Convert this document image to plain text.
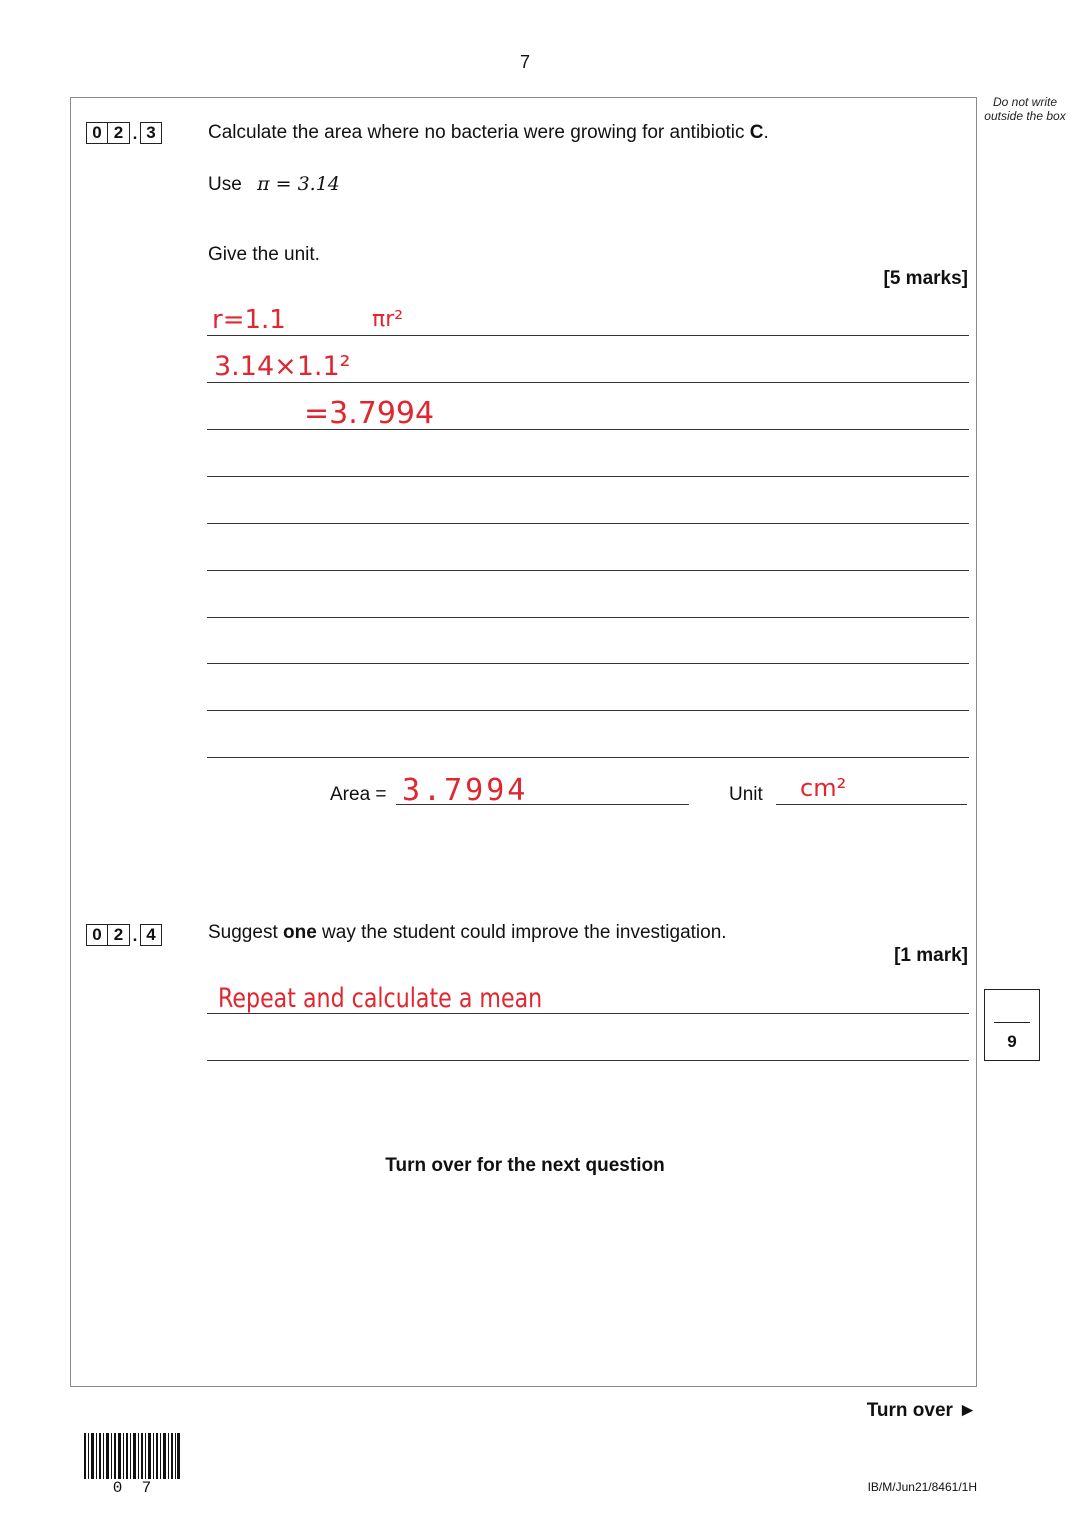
7
Do not write outside the box
0 2 . 3	Calculate the area where no bacteria were growing for antibiotic C.
Use π = 3.14
Give the unit.
[5 marks]
r=1.1	πr²
3.14×1.1²
=3.7994
Area = 3.7994	Unit cm²
0 2 . 4	Suggest one way the student could improve the investigation.
[1 mark]
Repeat and calculate a mean
9
Turn over for the next question
Turn over ►
0  7	IB/M/Jun21/8461/1H
